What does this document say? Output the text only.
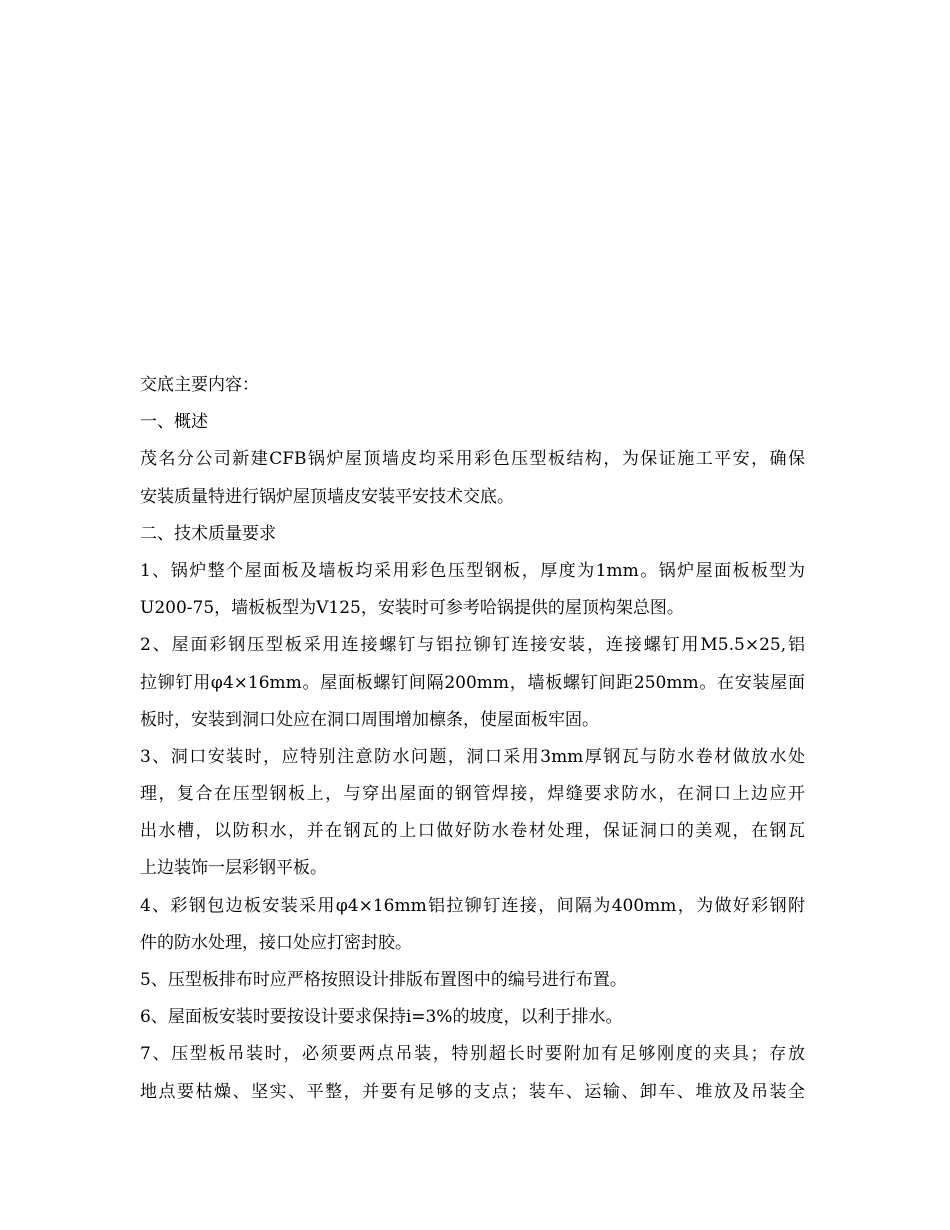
交底主要内容：
一、概述
茂名分公司新建CFB锅炉屋顶墙皮均采用彩色压型板结构，为保证施工平安，确保
安装质量特进行锅炉屋顶墙皮安装平安技术交底。
二、技术质量要求
1、锅炉整个屋面板及墙板均采用彩色压型钢板，厚度为1mm。锅炉屋面板板型为
U200-75，墙板板型为V125，安装时可参考哈锅提供的屋顶构架总图。
2、屋面彩钢压型板采用连接螺钉与铝拉铆钉连接安装，连接螺钉用M5.5×25,铝
拉铆钉用φ4×16mm。屋面板螺钉间隔200mm，墙板螺钉间距250mm。在安装屋面
板时，安装到洞口处应在洞口周围增加檩条，使屋面板牢固。
3、洞口安装时，应特别注意防水问题，洞口采用3mm厚钢瓦与防水卷材做放水处
理，复合在压型钢板上，与穿出屋面的钢管焊接，焊缝要求防水，在洞口上边应开
出水槽，以防积水，并在钢瓦的上口做好防水卷材处理，保证洞口的美观，在钢瓦
上边装饰一层彩钢平板。
4、彩钢包边板安装采用φ4×16mm铝拉铆钉连接，间隔为400mm，为做好彩钢附
件的防水处理，接口处应打密封胶。
5、压型板排布时应严格按照设计排版布置图中的编号进行布置。
6、屋面板安装时要按设计要求保持i=3%的坡度，以利于排水。
7、压型板吊装时，必须要两点吊装，特别超长时要附加有足够刚度的夹具；存放
地点要枯燥、坚实、平整，并要有足够的支点；装车、运输、卸车、堆放及吊装全
